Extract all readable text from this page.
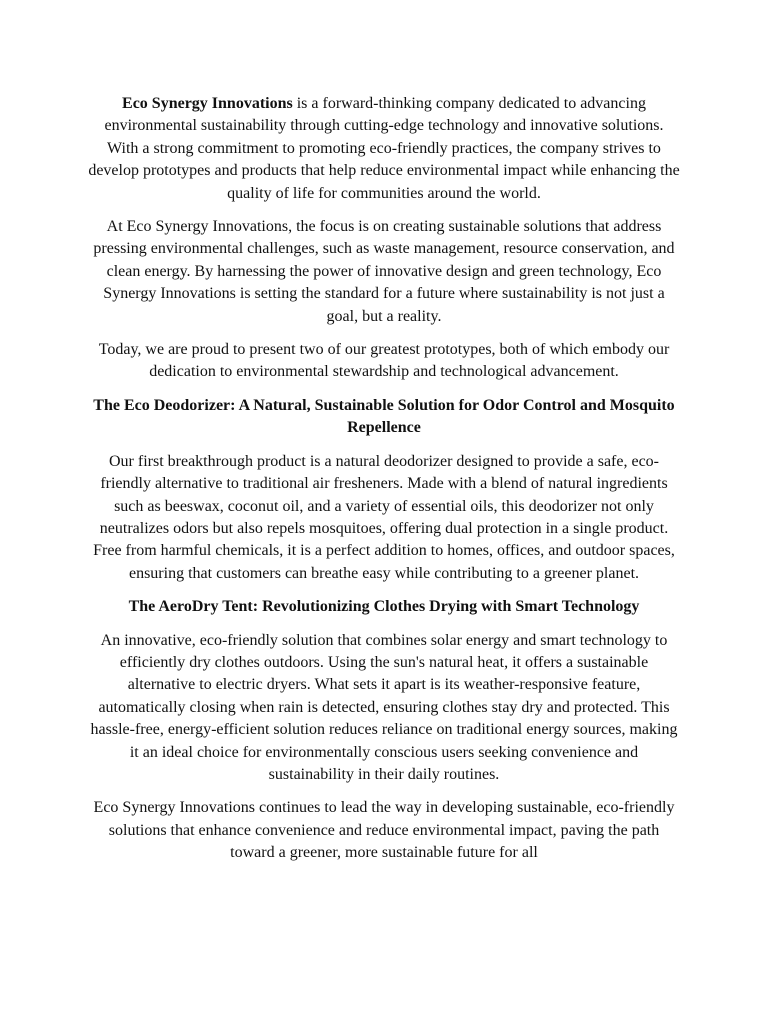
Eco Synergy Innovations is a forward-thinking company dedicated to advancing environmental sustainability through cutting-edge technology and innovative solutions. With a strong commitment to promoting eco-friendly practices, the company strives to develop prototypes and products that help reduce environmental impact while enhancing the quality of life for communities around the world.

At Eco Synergy Innovations, the focus is on creating sustainable solutions that address pressing environmental challenges, such as waste management, resource conservation, and clean energy. By harnessing the power of innovative design and green technology, Eco Synergy Innovations is setting the standard for a future where sustainability is not just a goal, but a reality.

Today, we are proud to present two of our greatest prototypes, both of which embody our dedication to environmental stewardship and technological advancement.

The Eco Deodorizer: A Natural, Sustainable Solution for Odor Control and Mosquito Repellence

Our first breakthrough product is a natural deodorizer designed to provide a safe, eco-friendly alternative to traditional air fresheners. Made with a blend of natural ingredients such as beeswax, coconut oil, and a variety of essential oils, this deodorizer not only neutralizes odors but also repels mosquitoes, offering dual protection in a single product. Free from harmful chemicals, it is a perfect addition to homes, offices, and outdoor spaces, ensuring that customers can breathe easy while contributing to a greener planet.

The AeroDry Tent: Revolutionizing Clothes Drying with Smart Technology

An innovative, eco-friendly solution that combines solar energy and smart technology to efficiently dry clothes outdoors. Using the sun's natural heat, it offers a sustainable alternative to electric dryers. What sets it apart is its weather-responsive feature, automatically closing when rain is detected, ensuring clothes stay dry and protected. This hassle-free, energy-efficient solution reduces reliance on traditional energy sources, making it an ideal choice for environmentally conscious users seeking convenience and sustainability in their daily routines.

Eco Synergy Innovations continues to lead the way in developing sustainable, eco-friendly solutions that enhance convenience and reduce environmental impact, paving the path toward a greener, more sustainable future for all
